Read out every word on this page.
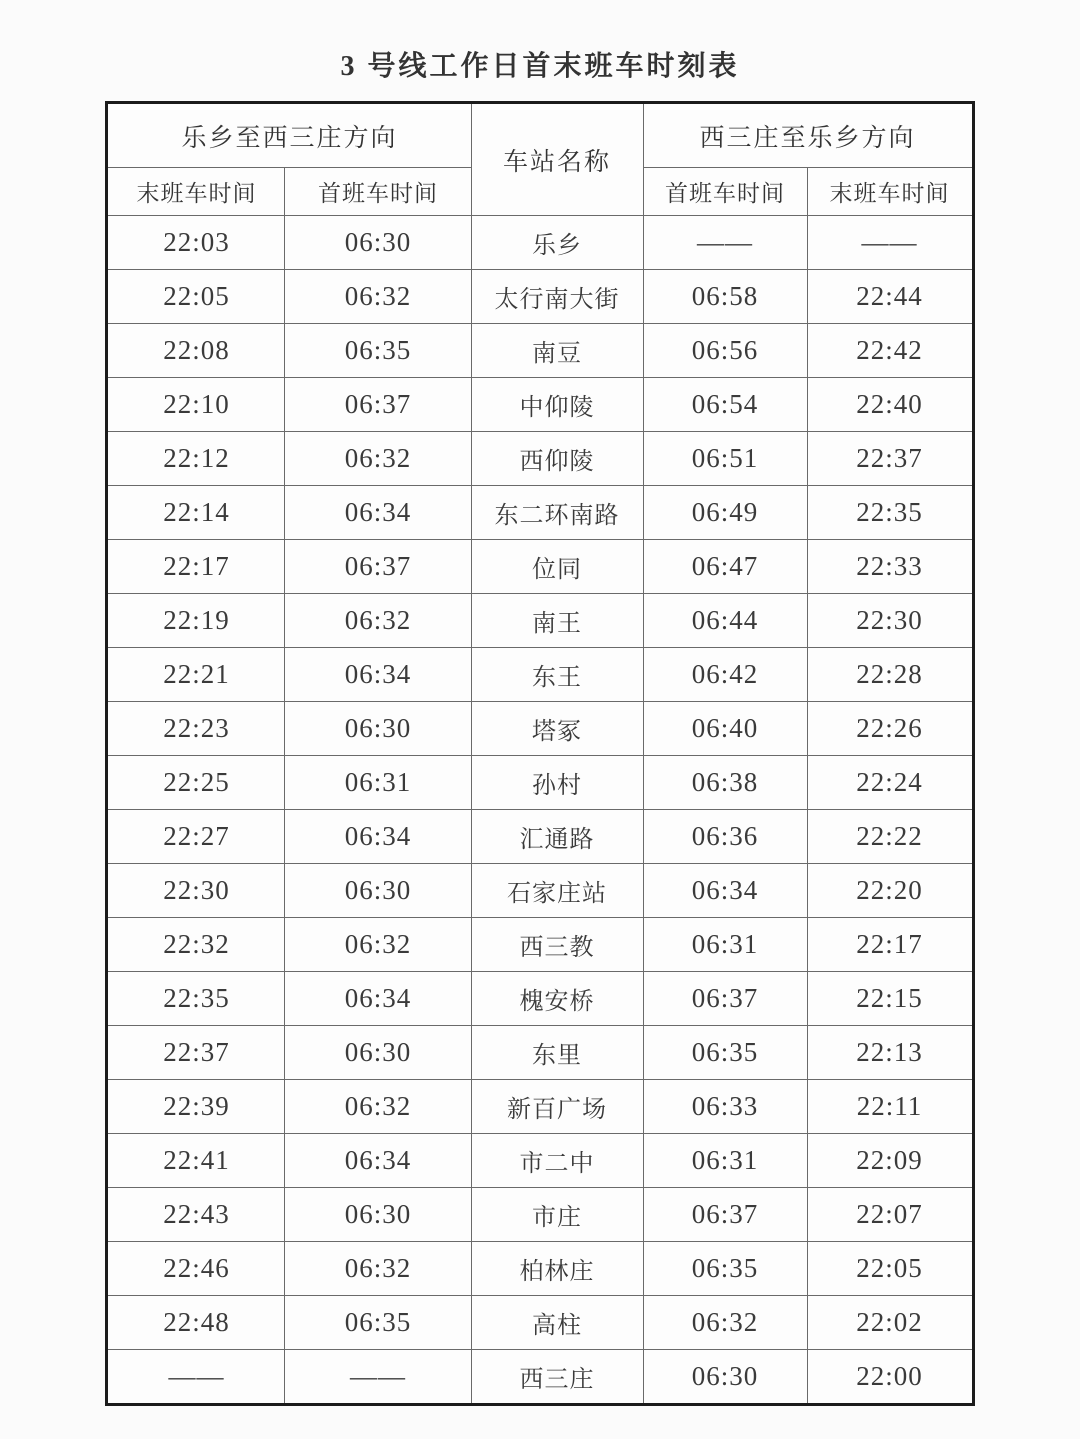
3 号线工作日首末班车时刻表
乐乡至西三庄方向		车站名称	西三庄至乐乡方向	
末班车时间	首班车时间		首班车时间	末班车时间
22:03	06:30	乐乡	——	——
22:05	06:32	太行南大街	06:58	22:44
22:08	06:35	南豆	06:56	22:42
22:10	06:37	中仰陵	06:54	22:40
22:12	06:32	西仰陵	06:51	22:37
22:14	06:34	东二环南路	06:49	22:35
22:17	06:37	位同	06:47	22:33
22:19	06:32	南王	06:44	22:30
22:21	06:34	东王	06:42	22:28
22:23	06:30	塔冢	06:40	22:26
22:25	06:31	孙村	06:38	22:24
22:27	06:34	汇通路	06:36	22:22
22:30	06:30	石家庄站	06:34	22:20
22:32	06:32	西三教	06:31	22:17
22:35	06:34	槐安桥	06:37	22:15
22:37	06:30	东里	06:35	22:13
22:39	06:32	新百广场	06:33	22:11
22:41	06:34	市二中	06:31	22:09
22:43	06:30	市庄	06:37	22:07
22:46	06:32	柏林庄	06:35	22:05
22:48	06:35	高柱	06:32	22:02
——	——	西三庄	06:30	22:00
